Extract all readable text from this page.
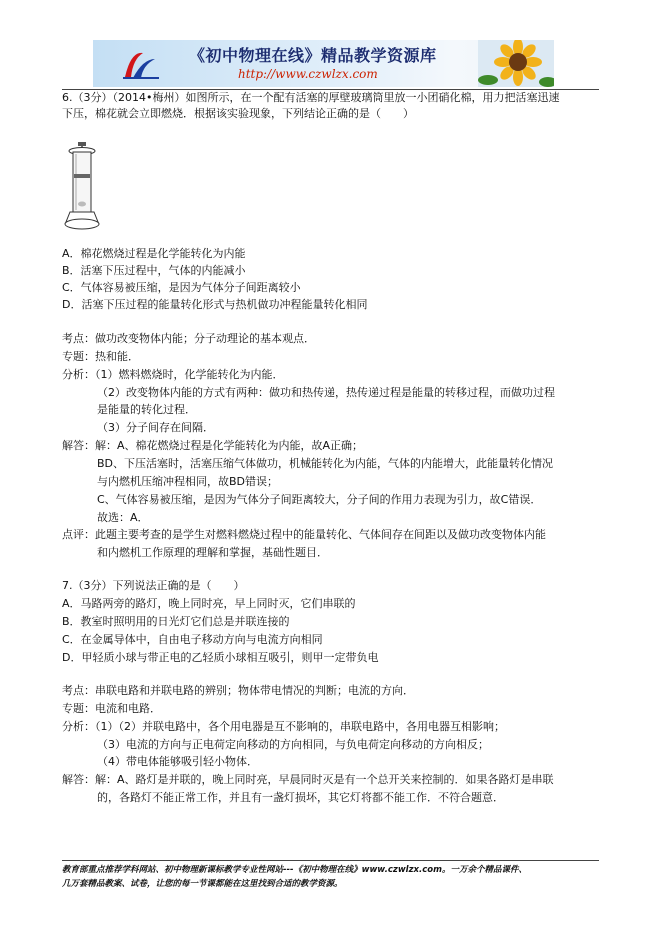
《初中物理在线》精品教学资源库
http://www.czwlzx.com
6.（3分）（2014•梅州）如图所示，在一个配有活塞的厚壁玻璃筒里放一小团硝化棉，用力把活塞迅速
下压，棉花就会立即燃烧．根据该实验现象，下列结论正确的是（　　）
A．棉花燃烧过程是化学能转化为内能
B．活塞下压过程中，气体的内能减小
C．气体容易被压缩，是因为气体分子间距离较小
D．活塞下压过程的能量转化形式与热机做功冲程能量转化相同
考点：做功改变物体内能；分子动理论的基本观点．
专题：热和能．
分析：（1）燃料燃烧时，化学能转化为内能．
（2）改变物体内能的方式有两种：做功和热传递，热传递过程是能量的转移过程，而做功过程
是能量的转化过程．
（3）分子间存在间隔．
解答：解：A、棉花燃烧过程是化学能转化为内能，故A正确；
BD、下压活塞时，活塞压缩气体做功，机械能转化为内能，气体的内能增大，此能量转化情况
与内燃机压缩冲程相同，故BD错误；
C、气体容易被压缩，是因为气体分子间距离较大，分子间的作用力表现为引力，故C错误．
故选：A．
点评：此题主要考查的是学生对燃料燃烧过程中的能量转化、气体间存在间距以及做功改变物体内能
和内燃机工作原理的理解和掌握，基础性题目．
7.（3分）下列说法正确的是（　　）
A．马路两旁的路灯，晚上同时亮，早上同时灭，它们串联的
B．教室时照明用的日光灯它们总是并联连接的
C．在金属导体中，自由电子移动方向与电流方向相同
D．甲轻质小球与带正电的乙轻质小球相互吸引，则甲一定带负电
考点：串联电路和并联电路的辨别；物体带电情况的判断；电流的方向．
专题：电流和电路．
分析：（1）（2）并联电路中，各个用电器是互不影响的，串联电路中，各用电器互相影响；
（3）电流的方向与正电荷定向移动的方向相同，与负电荷定向移动的方向相反；
（4）带电体能够吸引轻小物体．
解答：解：A、路灯是并联的，晚上同时亮，早晨同时灭是有一个总开关来控制的．如果各路灯是串联
的，各路灯不能正常工作，并且有一盏灯损坏，其它灯将都不能工作．不符合题意．
教育部重点推荐学科网站、初中物理新课标教学专业性网站---《初中物理在线》www.czwlzx.com。一万余个精品课件、
几万套精品教案、试卷，让您的每一节课都能在这里找到合适的教学资源。
